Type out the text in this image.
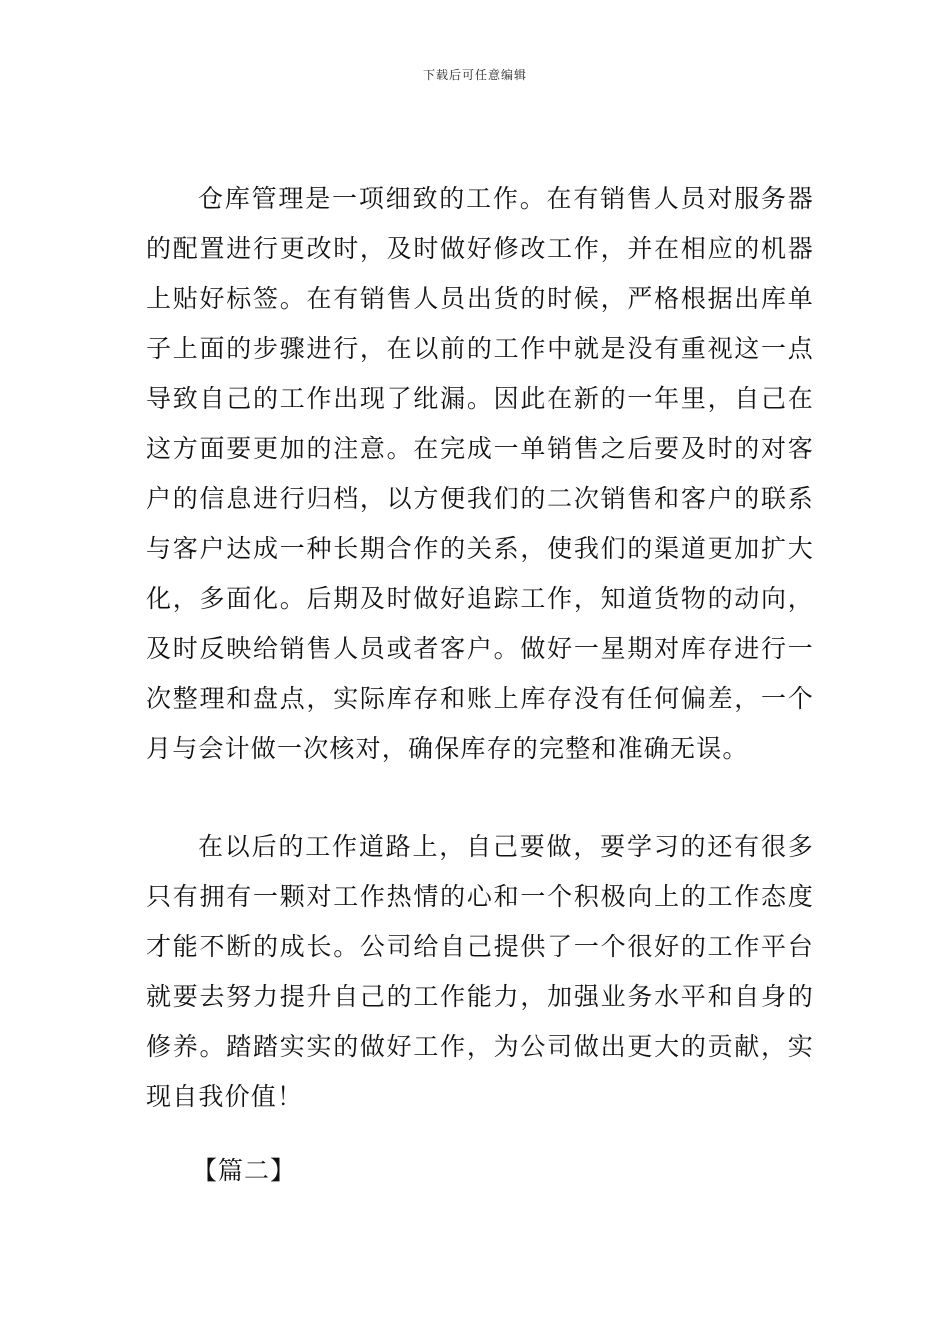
下载后可任意编辑

仓库管理是一项细致的工作。在有销售人员对服务器的配置进行更改时，及时做好修改工作，并在相应的机器上贴好标签。在有销售人员出货的时候，严格根据出库单子上面的步骤进行，在以前的工作中就是没有重视这一点导致自己的工作出现了纰漏。因此在新的一年里，自己在这方面要更加的注意。在完成一单销售之后要及时的对客户的信息进行归档，以方便我们的二次销售和客户的联系与客户达成一种长期合作的关系，使我们的渠道更加扩大化，多面化。后期及时做好追踪工作，知道货物的动向，及时反映给销售人员或者客户。做好一星期对库存进行一次整理和盘点，实际库存和账上库存没有任何偏差，一个月与会计做一次核对，确保库存的完整和准确无误。

在以后的工作道路上，自己要做，要学习的还有很多只有拥有一颗对工作热情的心和一个积极向上的工作态度才能不断的成长。公司给自己提供了一个很好的工作平台就要去努力提升自己的工作能力，加强业务水平和自身的修养。踏踏实实的做好工作，为公司做出更大的贡献，实现自我价值！

【篇二】
